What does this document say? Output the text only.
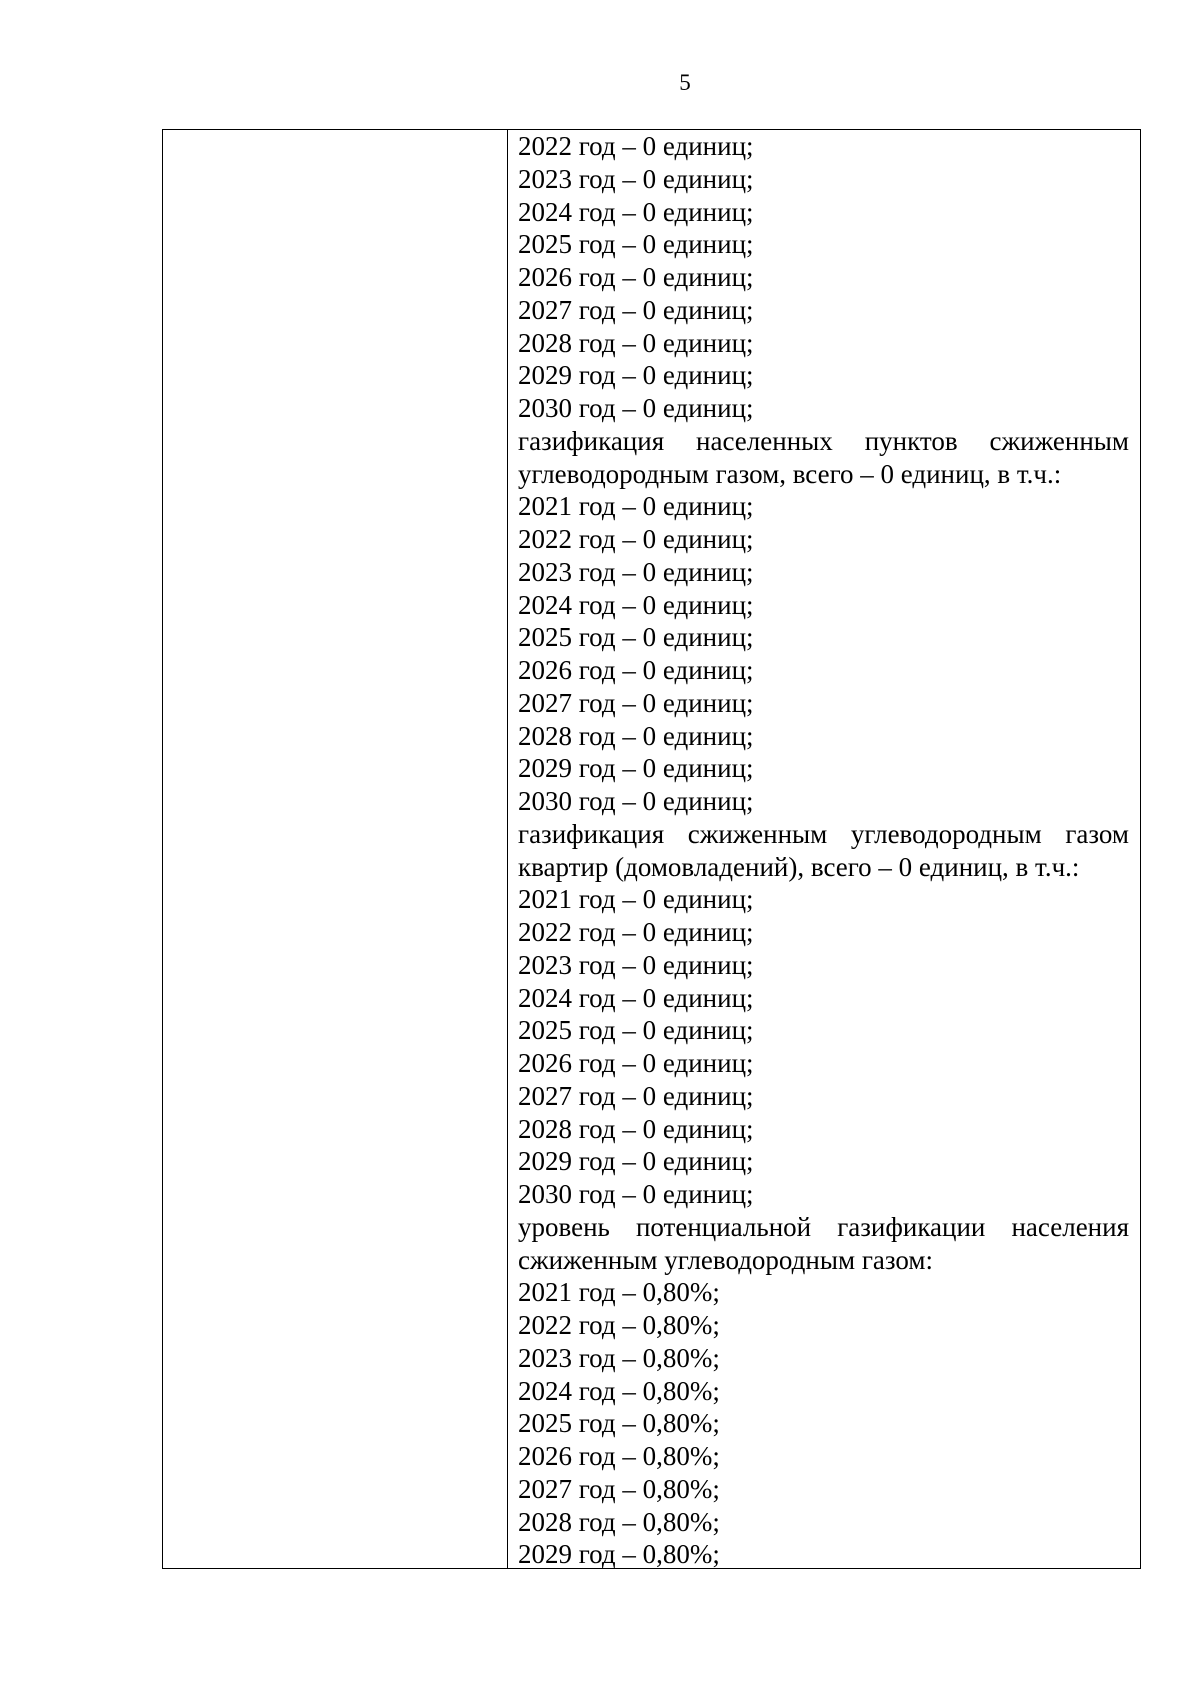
5
2022 год – 0 единиц;
2023 год – 0 единиц;
2024 год – 0 единиц;
2025 год – 0 единиц;
2026 год – 0 единиц;
2027 год – 0 единиц;
2028 год – 0 единиц;
2029 год – 0 единиц;
2030 год – 0 единиц;
газификация населенных пунктов сжиженным углеводородным газом, всего – 0 единиц, в т.ч.:
2021 год – 0 единиц;
2022 год – 0 единиц;
2023 год – 0 единиц;
2024 год – 0 единиц;
2025 год – 0 единиц;
2026 год – 0 единиц;
2027 год – 0 единиц;
2028 год – 0 единиц;
2029 год – 0 единиц;
2030 год – 0 единиц;
газификация сжиженным углеводородным газом квартир (домовладений), всего – 0 единиц, в т.ч.:
2021 год – 0 единиц;
2022 год – 0 единиц;
2023 год – 0 единиц;
2024 год – 0 единиц;
2025 год – 0 единиц;
2026 год – 0 единиц;
2027 год – 0 единиц;
2028 год – 0 единиц;
2029 год – 0 единиц;
2030 год – 0 единиц;
уровень потенциальной газификации населения сжиженным углеводородным газом:
2021 год – 0,80%;
2022 год – 0,80%;
2023 год – 0,80%;
2024 год – 0,80%;
2025 год – 0,80%;
2026 год – 0,80%;
2027 год – 0,80%;
2028 год – 0,80%;
2029 год – 0,80%;
